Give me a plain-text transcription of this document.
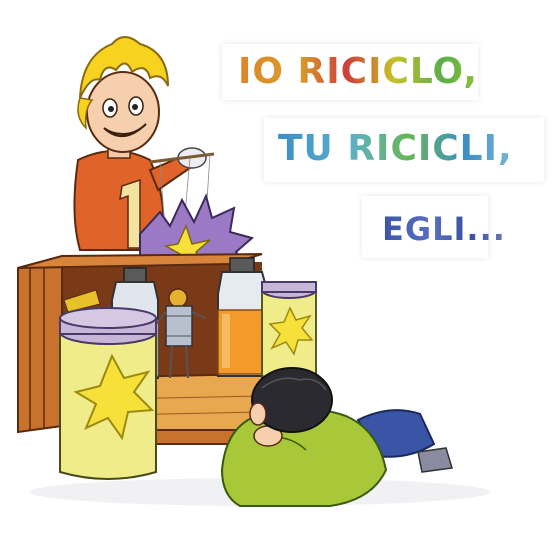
IO RICICLO,
TU RICICLI,
EGLI...
